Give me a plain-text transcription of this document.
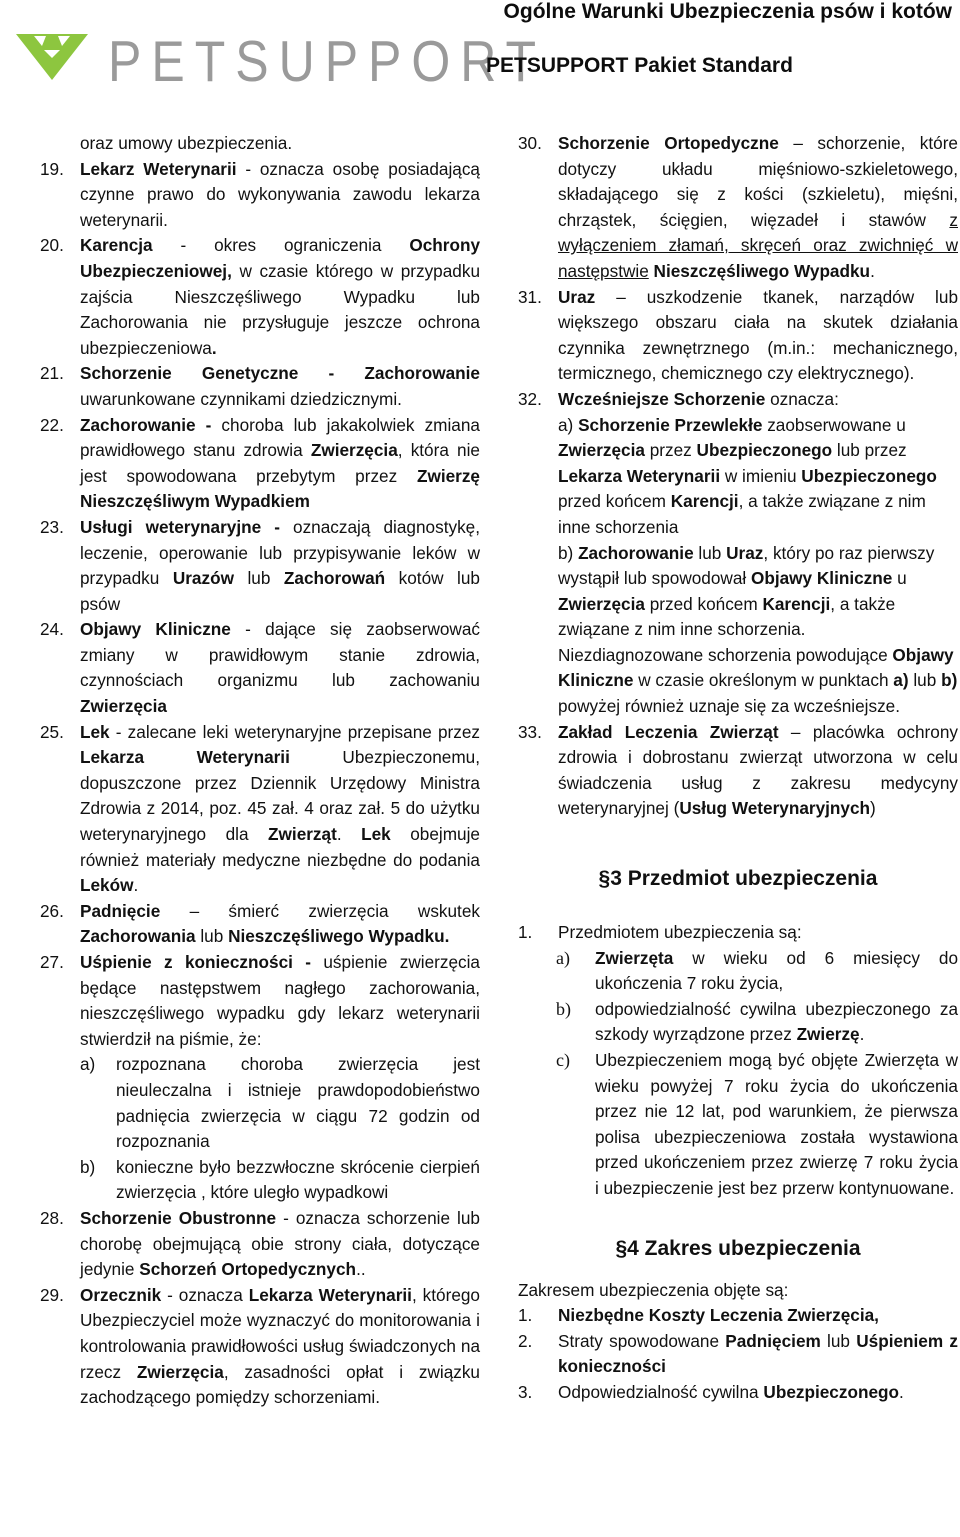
PETSUPPORT
Ogólne Warunki Ubezpieczenia psów i kotów
PETSUPPORT Pakiet Standard
oraz umowy ubezpieczenia.
19. Lekarz Weterynarii - oznacza osobę posiadającą czynne prawo do wykonywania zawodu lekarza weterynarii.
20. Karencja - okres ograniczenia Ochrony Ubezpieczeniowej, w czasie którego w przypadku zajścia Nieszczęśliwego Wypadku lub Zachorowania nie przysługuje jeszcze ochrona ubezpieczeniowa.
21. Schorzenie Genetyczne - Zachorowanie uwarunkowane czynnikami dziedzicznymi.
22. Zachorowanie - choroba lub jakakolwiek zmiana prawidłowego stanu zdrowia Zwierzęcia, która nie jest spowodowana przebytym przez Zwierzę Nieszczęśliwym Wypadkiem
23. Usługi weterynaryjne - oznaczają diagnostykę, leczenie, operowanie lub przypisywanie leków w przypadku Urazów lub Zachorowań kotów lub psów
24. Objawy Kliniczne - dające się zaobserwować zmiany w prawidłowym stanie zdrowia, czynnościach organizmu lub zachowaniu Zwierzęcia
25. Lek - zalecane leki weterynaryjne przepisane przez Lekarza Weterynarii Ubezpieczonemu, dopuszczone przez Dziennik Urzędowy Ministra Zdrowia z 2014, poz. 45 zał. 4 oraz zał. 5 do użytku weterynaryjnego dla Zwierząt. Lek obejmuje również materiały medyczne niezbędne do podania Leków.
26. Padnięcie – śmierć zwierzęcia wskutek Zachorowania lub Nieszczęśliwego Wypadku.
27. Uśpienie z konieczności - uśpienie zwierzęcia będące następstwem nagłego zachorowania, nieszczęśliwego wypadku gdy lekarz weterynarii stwierdził na piśmie, że:
a) rozpoznana choroba zwierzęcia jest nieuleczalna i istnieje prawdopodobieństwo padnięcia zwierzęcia w ciągu 72 godzin od rozpoznania
b) konieczne było bezzwłoczne skrócenie cierpień zwierzęcia , które uległo wypadkowi
28. Schorzenie Obustronne - oznacza schorzenie lub chorobę obejmującą obie strony ciała, dotyczące jedynie Schorzeń Ortopedycznych..
29. Orzecznik - oznacza Lekarza Weterynarii, którego Ubezpieczyciel może wyznaczyć do monitorowania i kontrolowania prawidłowości usług świadczonych na rzecz Zwierzęcia, zasadności opłat i związku zachodzącego pomiędzy schorzeniami.
30. Schorzenie Ortopedyczne – schorzenie, które dotyczy układu mięśniowo-szkieletowego, składającego się z kości (szkieletu), mięśni, chrząstek, ścięgien, więzadeł i stawów z wyłączeniem złamań, skręceń oraz zwichnięć w następstwie Nieszczęśliwego Wypadku.
31. Uraz – uszkodzenie tkanek, narządów lub większego obszaru ciała na skutek działania czynnika zewnętrznego (m.in.: mechanicznego, termicznego, chemicznego czy elektrycznego).
32. Wcześniejsze Schorzenie oznacza:
a) Schorzenie Przewlekłe zaobserwowane u Zwierzęcia przez Ubezpieczonego lub przez Lekarza Weterynarii w imieniu Ubezpieczonego przed końcem Karencji, a także związane z nim inne schorzenia
b) Zachorowanie lub Uraz, który po raz pierwszy wystąpił lub spowodował Objawy Kliniczne u Zwierzęcia przed końcem Karencji, a także związane z nim inne schorzenia.
Niezdiagnozowane schorzenia powodujące Objawy Kliniczne w czasie określonym w punktach a) lub b) powyżej również uznaje się za wcześniejsze.
33. Zakład Leczenia Zwierząt – placówka ochrony zdrowia i dobrostanu zwierząt utworzona w celu świadczenia usług z zakresu medycyny weterynaryjnej (Usług Weterynaryjnych)
§3 Przedmiot ubezpieczenia
1. Przedmiotem ubezpieczenia są:
a) Zwierzęta w wieku od 6 miesięcy do ukończenia 7 roku życia,
b) odpowiedzialność cywilna ubezpieczonego za szkody wyrządzone przez Zwierzę.
c) Ubezpieczeniem mogą być objęte Zwierzęta w wieku powyżej 7 roku życia do ukończenia przez nie 12 lat, pod warunkiem, że pierwsza polisa ubezpieczeniowa została wystawiona przed ukończeniem przez zwierzę 7 roku życia i ubezpieczenie jest bez przerw kontynuowane.
§4 Zakres ubezpieczenia
Zakresem ubezpieczenia objęte są:
1. Niezbędne Koszty Leczenia Zwierzęcia,
2. Straty spowodowane Padnięciem lub Uśpieniem z konieczności
3. Odpowiedzialność cywilna Ubezpieczonego.
